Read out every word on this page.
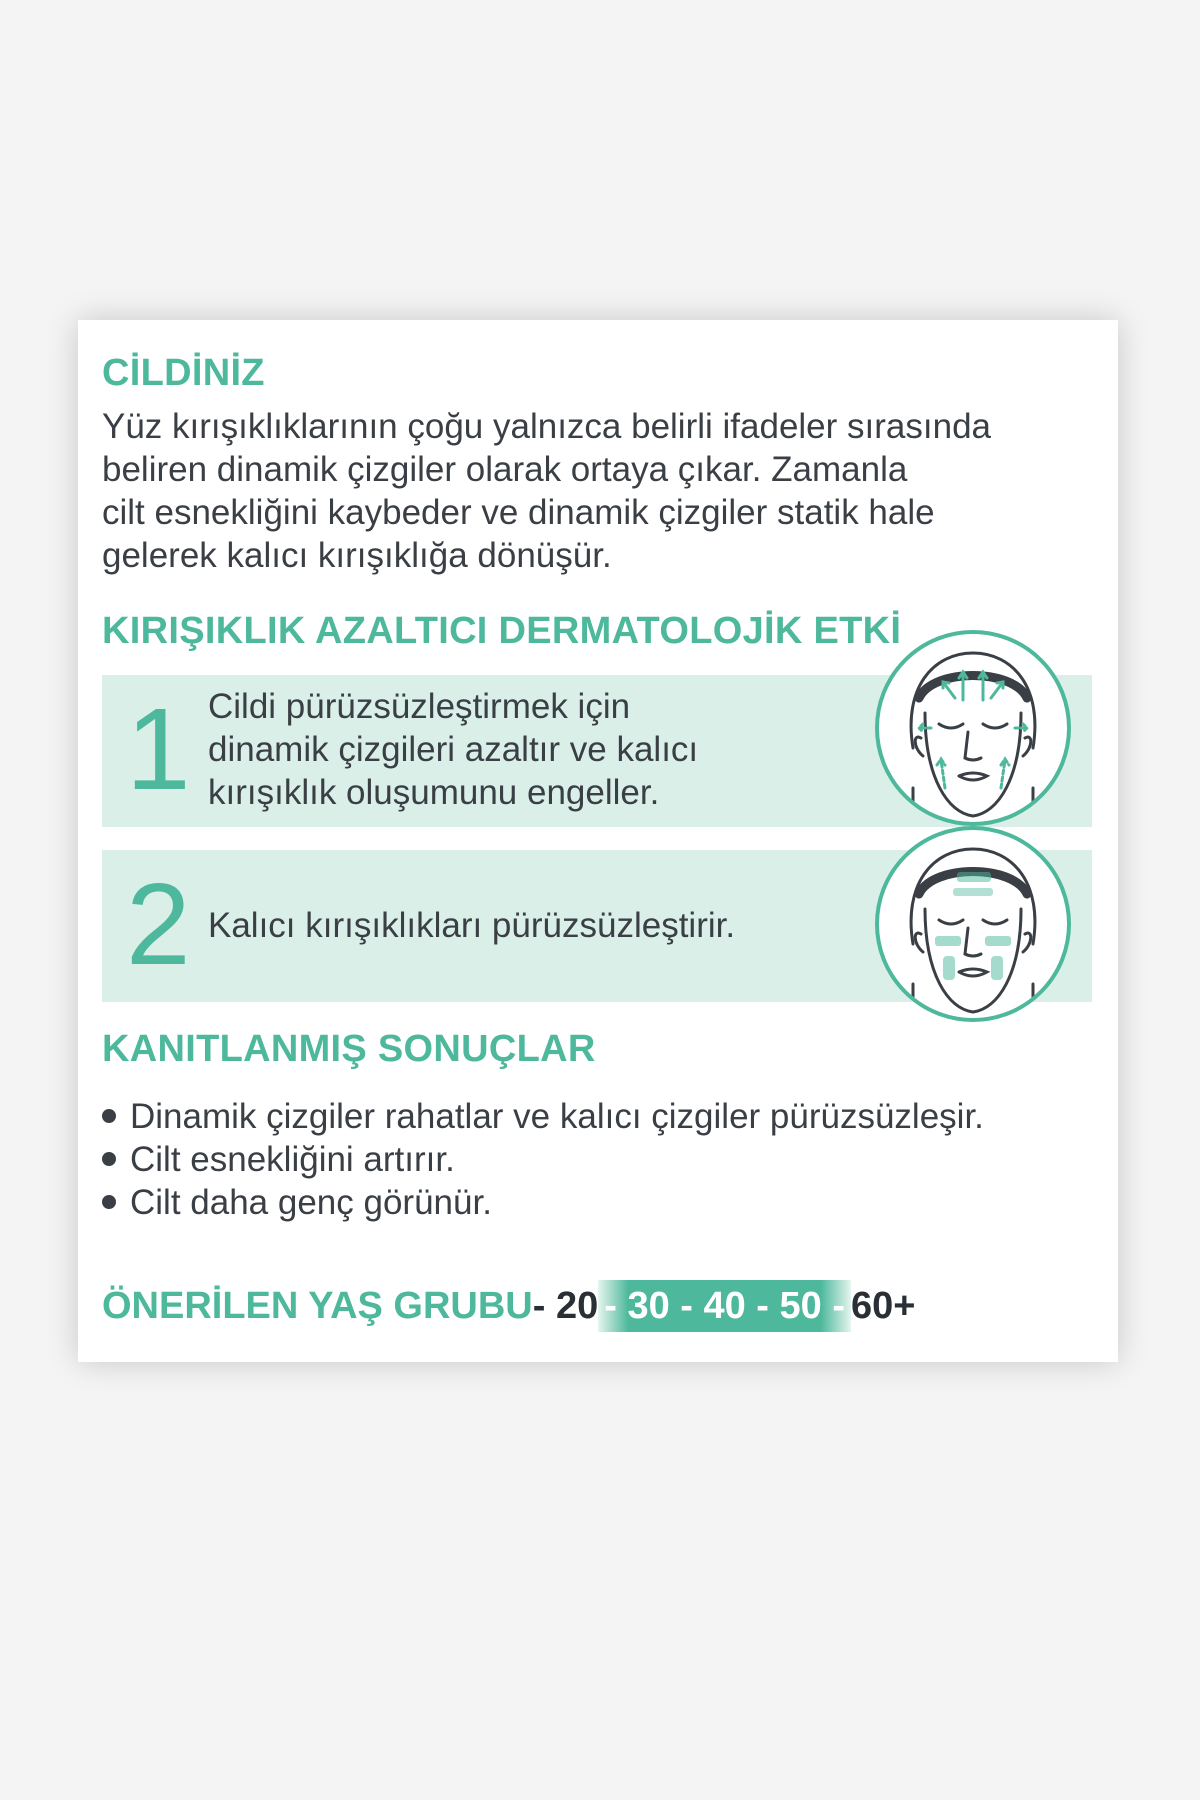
CİLDİNİZ

Yüz kırışıklıklarının çoğu yalnızca belirli ifadeler sırasında
beliren dinamik çizgiler olarak ortaya çıkar. Zamanla
cilt esnekliğini kaybeder ve dinamik çizgiler statik hale
gelerek kalıcı kırışıklığa dönüşür.

KIRIŞIKLIK AZALTICI DERMATOLOJİK ETKİ
1 Cildi pürüzsüzleştirmek için
dinamik çizgileri azaltır ve kalıcı
kırışıklık oluşumunu engeller.
2 Kalıcı kırışıklıkları pürüzsüzleştirir.
KANITLANMIŞ SONUÇLAR
Dinamik çizgiler rahatlar ve kalıcı çizgiler pürüzsüzleşir.
Cilt esnekliğini artırır.
Cilt daha genç görünür.
ÖNERİLEN YAŞ GRUBU- 20- 30 - 40 - 50 -60+
